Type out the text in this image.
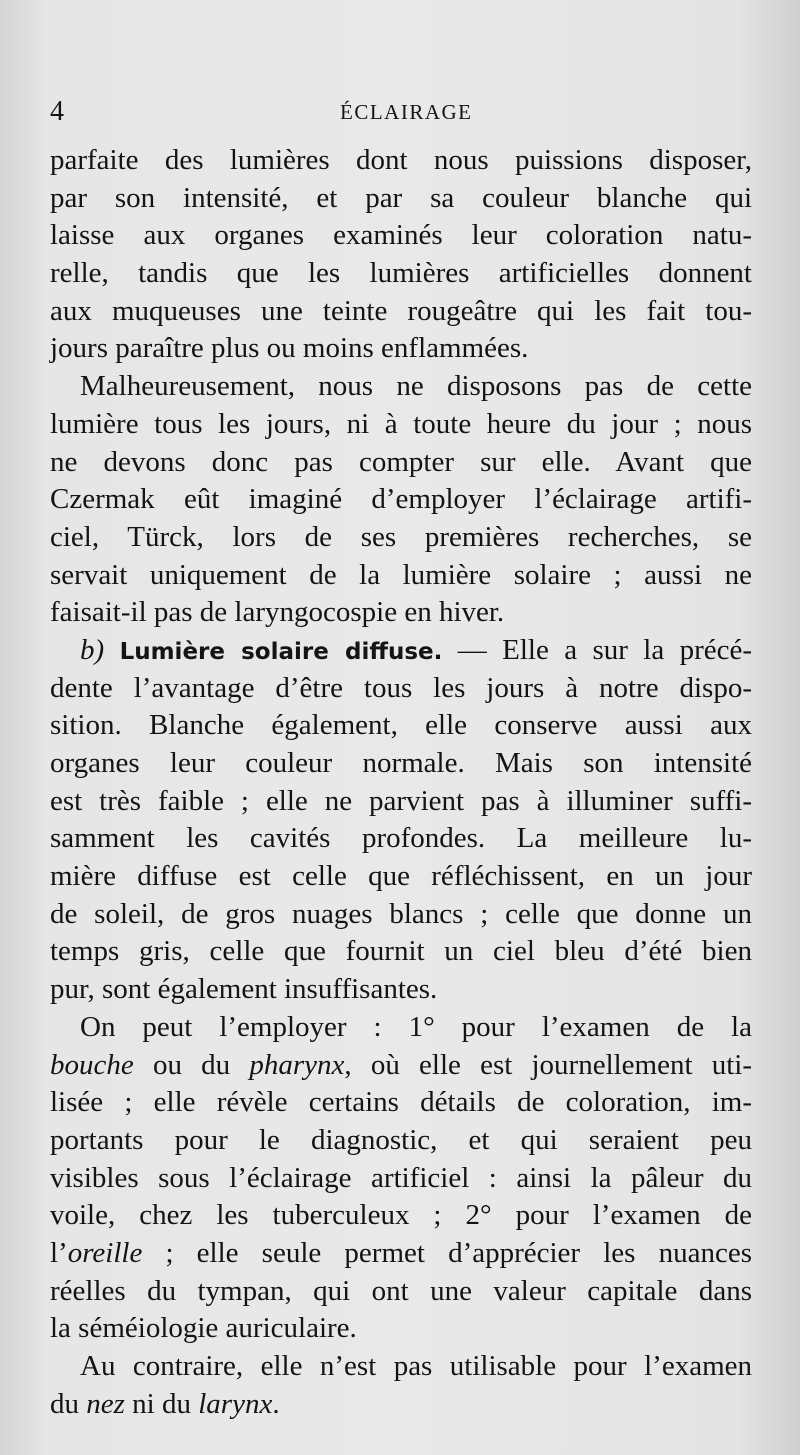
4	ÉCLAIRAGE
parfaite des lumières dont nous puissions disposer,
par son intensité, et par sa couleur blanche qui
laisse aux organes examinés leur coloration natu-
relle, tandis que les lumières artificielles donnent
aux muqueuses une teinte rougeâtre qui les fait tou-
jours paraître plus ou moins enflammées.
Malheureusement, nous ne disposons pas de cette
lumière tous les jours, ni à toute heure du jour ; nous
ne devons donc pas compter sur elle. Avant que
Czermak eût imaginé d’employer l’éclairage artifi-
ciel, Türck, lors de ses premières recherches, se
servait uniquement de la lumière solaire ; aussi ne
faisait-il pas de laryngocospie en hiver.
b) Lumière solaire diffuse. — Elle a sur la précé-
dente l’avantage d’être tous les jours à notre dispo-
sition. Blanche également, elle conserve aussi aux
organes leur couleur normale. Mais son intensité
est très faible ; elle ne parvient pas à illuminer suffi-
samment les cavités profondes. La meilleure lu-
mière diffuse est celle que réfléchissent, en un jour
de soleil, de gros nuages blancs ; celle que donne un
temps gris, celle que fournit un ciel bleu d’été bien
pur, sont également insuffisantes.
On peut l’employer : 1° pour l’examen de la
bouche ou du pharynx, où elle est journellement uti-
lisée ; elle révèle certains détails de coloration, im-
portants pour le diagnostic, et qui seraient peu
visibles sous l’éclairage artificiel : ainsi la pâleur du
voile, chez les tuberculeux ; 2° pour l’examen de
l’oreille ; elle seule permet d’apprécier les nuances
réelles du tympan, qui ont une valeur capitale dans
la séméiologie auriculaire.
Au contraire, elle n’est pas utilisable pour l’examen
du nez ni du larynx.
